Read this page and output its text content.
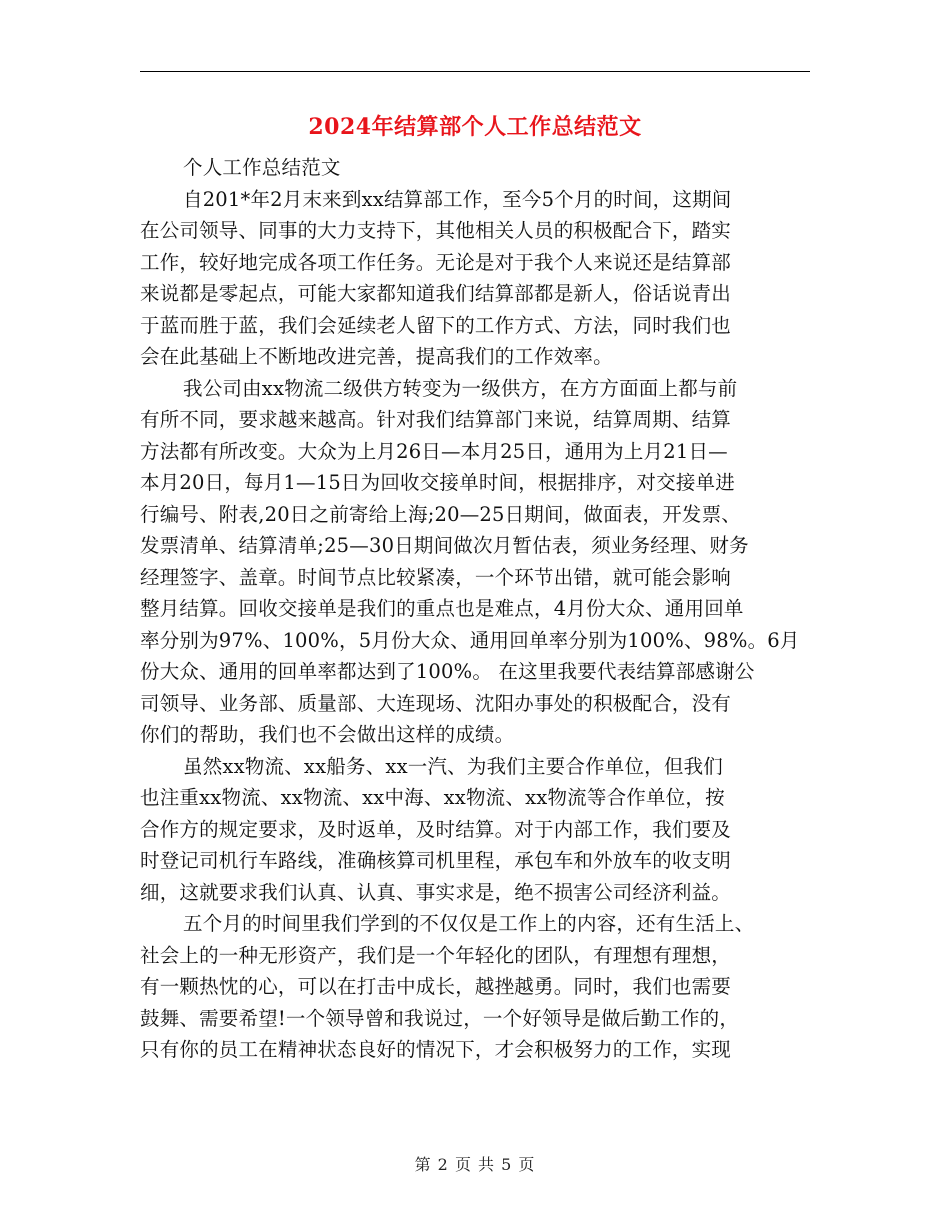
2024年结算部个人工作总结范文
个人工作总结范文
自201*年2月末来到xx结算部工作，至今5个月的时间，这期间
在公司领导、同事的大力支持下，其他相关人员的积极配合下，踏实
工作，较好地完成各项工作任务。无论是对于我个人来说还是结算部
来说都是零起点，可能大家都知道我们结算部都是新人，俗话说青出
于蓝而胜于蓝，我们会延续老人留下的工作方式、方法，同时我们也
会在此基础上不断地改进完善，提高我们的工作效率。
我公司由xx物流二级供方转变为一级供方，在方方面面上都与前
有所不同，要求越来越高。针对我们结算部门来说，结算周期、结算
方法都有所改变。大众为上月26日—本月25日，通用为上月21日—
本月20日，每月1—15日为回收交接单时间，根据排序，对交接单进
行编号、附表,20日之前寄给上海;20—25日期间，做面表，开发票、
发票清单、结算清单;25—30日期间做次月暂估表，须业务经理、财务
经理签字、盖章。时间节点比较紧凑，一个环节出错，就可能会影响
整月结算。回收交接单是我们的重点也是难点，4月份大众、通用回单
率分别为97%、100%，5月份大众、通用回单率分别为100%、98%。6月
份大众、通用的回单率都达到了100%。 在这里我要代表结算部感谢公
司领导、业务部、质量部、大连现场、沈阳办事处的积极配合，没有
你们的帮助，我们也不会做出这样的成绩。
虽然xx物流、xx船务、xx一汽、为我们主要合作单位，但我们
也注重xx物流、xx物流、xx中海、xx物流、xx物流等合作单位，按
合作方的规定要求，及时返单，及时结算。对于内部工作，我们要及
时登记司机行车路线，准确核算司机里程，承包车和外放车的收支明
细，这就要求我们认真、认真、事实求是，绝不损害公司经济利益。
五个月的时间里我们学到的不仅仅是工作上的内容，还有生活上、
社会上的一种无形资产，我们是一个年轻化的团队，有理想有理想，
有一颗热忱的心，可以在打击中成长，越挫越勇。同时，我们也需要
鼓舞、需要希望!一个领导曾和我说过，一个好领导是做后勤工作的，
只有你的员工在精神状态良好的情况下，才会积极努力的工作，实现
第 2 页 共 5 页
